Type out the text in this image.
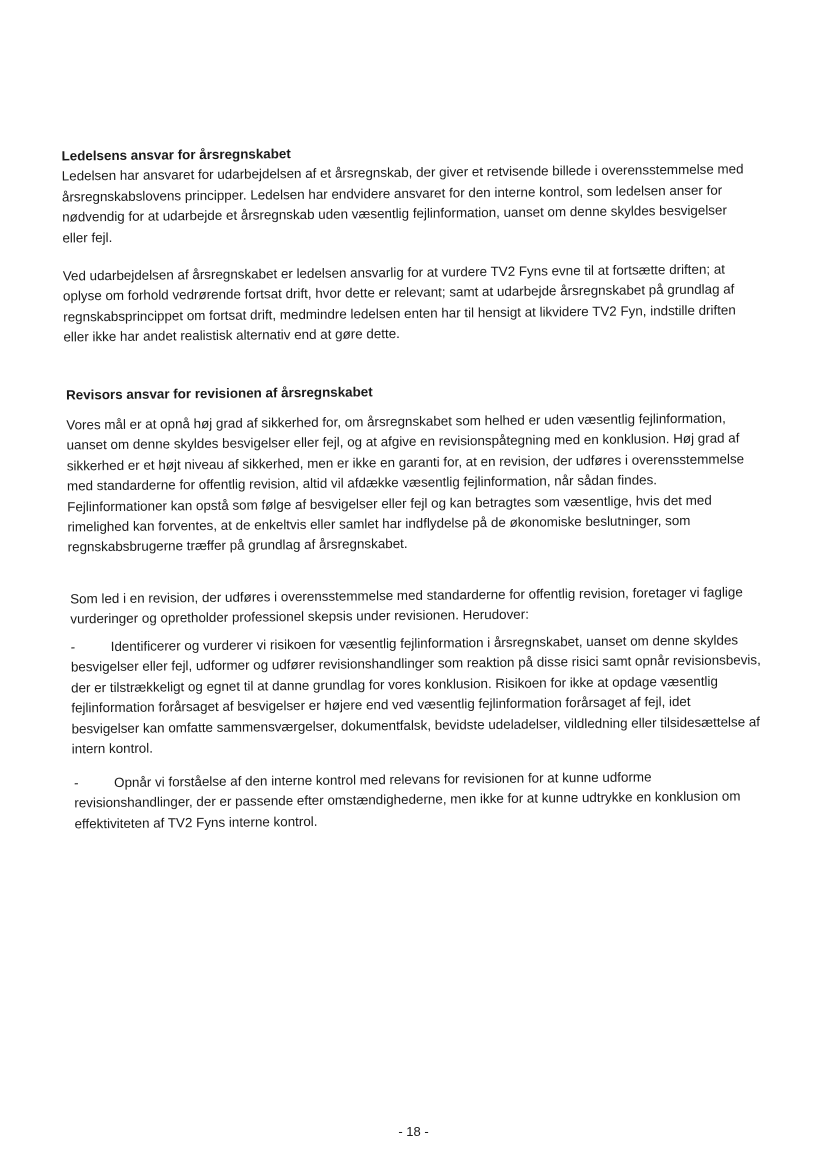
Ledelsens ansvar for årsregnskabet

Ledelsen har ansvaret for udarbejdelsen af et årsregnskab, der giver et retvisende billede i overensstemmelse med årsregnskabslovens principper. Ledelsen har endvidere ansvaret for den interne kontrol, som ledelsen anser for nødvendig for at udarbejde et årsregnskab uden væsentlig fejlinformation, uanset om denne skyldes besvigelser eller fejl.

Ved udarbejdelsen af årsregnskabet er ledelsen ansvarlig for at vurdere TV2 Fyns evne til at fortsætte driften; at oplyse om forhold vedrørende fortsat drift, hvor dette er relevant; samt at udarbejde årsregnskabet på grundlag af regnskabsprincippet om fortsat drift, medmindre ledelsen enten har til hensigt at likvidere TV2 Fyn, indstille driften eller ikke har andet realistisk alternativ end at gøre dette.

Revisors ansvar for revisionen af årsregnskabet

Vores mål er at opnå høj grad af sikkerhed for, om årsregnskabet som helhed er uden væsentlig fejlinformation, uanset om denne skyldes besvigelser eller fejl, og at afgive en revisionspåtegning med en konklusion. Høj grad af sikkerhed er et højt niveau af sikkerhed, men er ikke en garanti for, at en revision, der udføres i overensstemmelse med standarderne for offentlig revision, altid vil afdække væsentlig fejlinformation, når sådan findes. Fejlinformationer kan opstå som følge af besvigelser eller fejl og kan betragtes som væsentlige, hvis det med rimelighed kan forventes, at de enkeltvis eller samlet har indflydelse på de økonomiske beslutninger, som regnskabsbrugerne træffer på grundlag af årsregnskabet.

Som led i en revision, der udføres i overensstemmelse med standarderne for offentlig revision, foretager vi faglige vurderinger og opretholder professionel skepsis under revisionen. Herudover:

-	Identificerer og vurderer vi risikoen for væsentlig fejlinformation i årsregnskabet, uanset om denne skyldes besvigelser eller fejl, udformer og udfører revisionshandlinger som reaktion på disse risici samt opnår revisionsbevis, der er tilstrækkeligt og egnet til at danne grundlag for vores konklusion. Risikoen for ikke at opdage væsentlig fejlinformation forårsaget af besvigelser er højere end ved væsentlig fejlinformation forårsaget af fejl, idet besvigelser kan omfatte sammensværgelser, dokumentfalsk, bevidste udeladelser, vildledning eller tilsidesættelse af intern kontrol.

-	Opnår vi forståelse af den interne kontrol med relevans for revisionen for at kunne udforme revisionshandlinger, der er passende efter omstændighederne, men ikke for at kunne udtrykke en konklusion om effektiviteten af TV2 Fyns interne kontrol.

- 18 -
